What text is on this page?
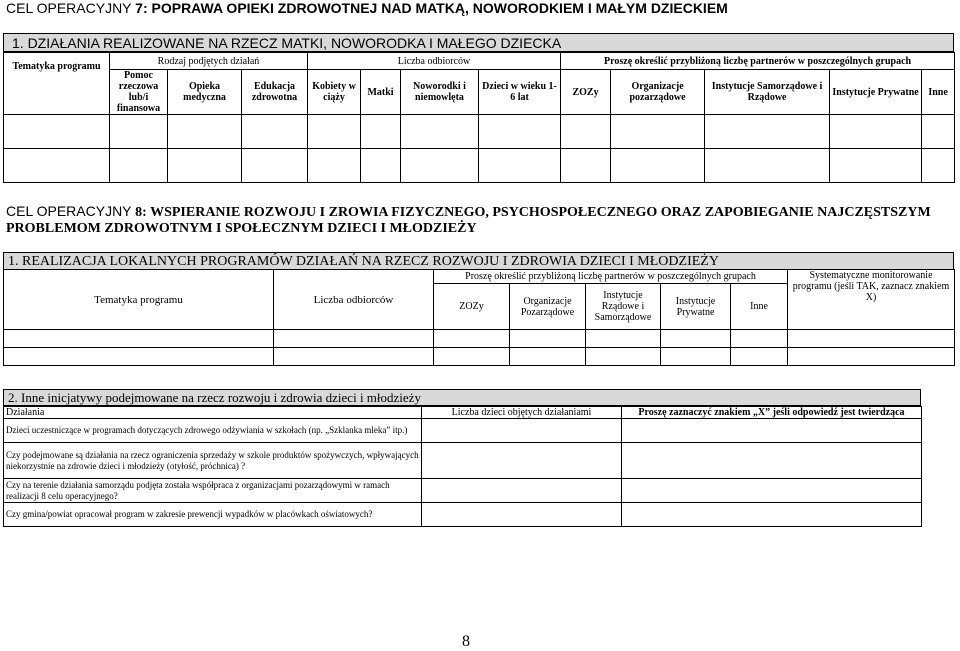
CEL OPERACYJNY 7: POPRAWA OPIEKI ZDROWOTNEJ NAD MATKĄ, NOWORODKIEM I MAŁYM DZIECKIEM
1. DZIAŁANIA REALIZOWANE NA RZECZ MATKI, NOWORODKA I MAŁEGO DZIECKA
Tematyka programu	Rodzaj podjętych działań			Liczba odbiorców				Proszę określić przybliżoną liczbę partnerów w poszczególnych grupach				
	Pomoc rzeczowa lub/i finansowa	Opieka medyczna	Edukacja zdrowotna	Kobiety w ciąży	Matki	Noworodki i niemowlęta	Dzieci w wieku 1-6 lat	ZOZy	Organizacje pozarządowe	Instytucje Samorządowe i Rządowe	Instytucje Prywatne	Inne

CEL OPERACYJNY 8: WSPIERANIE ROZWOJU I ZROWIA FIZYCZNEGO, PSYCHOSPOŁECZNEGO ORAZ ZAPOBIEGANIE NAJCZĘSTSZYM PROBLEMOM ZDROWOTNYM I SPOŁECZNYM DZIECI I MŁODZIEŻY
1. REALIZACJA LOKALNYCH PROGRAMÓW DZIAŁAŃ NA RZECZ ROZWOJU I ZDROWIA DZIECI I MŁODZIEŻY
Tematyka programu	Liczba odbiorców	Proszę określić przybliżoną liczbę partnerów w poszczególnych grupach					Systematyczne monitorowanie programu (jeśli TAK, zaznacz znakiem X)
		ZOZy	Organizacje Pozarządowe	Instytucje Rządowe i Samorządowe	Instytucje Prywatne	Inne	

2. Inne inicjatywy podejmowane na rzecz rozwoju i zdrowia dzieci i młodzieży
Działania	Liczba dzieci objętych działaniami	Proszę zaznaczyć znakiem „X” jeśli odpowiedź jest twierdząca
Dzieci uczestniczące w programach dotyczących zdrowego odżywiania w szkołach (np. „Szklanka mleka” itp.)		
Czy podejmowane są działania na rzecz ograniczenia sprzedaży w szkole produktów spożywczych, wpływających niekorzystnie na zdrowie dzieci i młodzieży (otyłość, próchnica) ?		
Czy na terenie działania samorządu podjęta została współpraca z organizacjami pozarządowymi w ramach realizacji 8 celu operacyjnego?		
Czy gmina/powiat opracował program w zakresie prewencji wypadków w placówkach oświatowych?		
8
